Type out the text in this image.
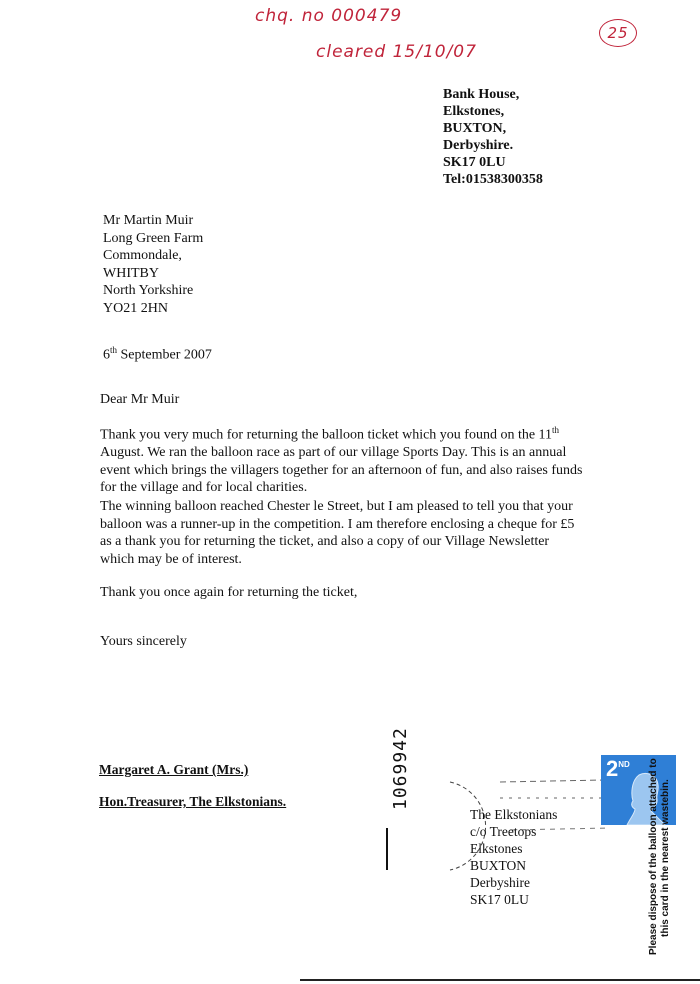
chq. no 000479
cleared 15/10/07
25
Bank House,
Elkstones,
BUXTON,
Derbyshire.
SK17 0LU
Tel:01538300358
Mr Martin Muir
Long Green Farm
Commondale,
WHITBY
North Yorkshire
YO21 2HN
6th September 2007
Dear Mr Muir
Thank you very much for returning the balloon ticket which you found on the 11th August. We ran the balloon race as part of our village Sports Day. This is an annual event which brings the villagers together for an afternoon of fun, and also raises funds for the village and for local charities.
The winning balloon reached Chester le Street, but I am pleased to tell you that your balloon was a runner-up in the competition. I am therefore enclosing a cheque for £5 as a thank you for returning the ticket, and also a copy of our Village Newsletter which may be of interest.
Thank you once again for returning the ticket,
Yours sincerely
Margaret A. Grant (Mrs.)
Hon.Treasurer, The Elkstonians.	1069942
The Elkstonians
c/o Treetops
Elkstones
BUXTON
Derbyshire
SK17 0LU
2ND Please dispose of the balloon attached to this card in the nearest wastebin.
